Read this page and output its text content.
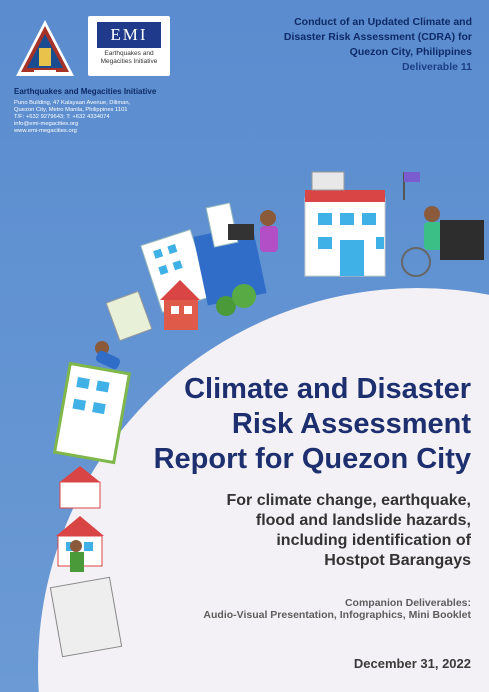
EMI
Earthquakes and
Megacities Initiative
Earthquakes and Megacities Initiative
Puno Building, 47 Kalayaan Avenue, Diliman,
Quezon City, Metro Manila, Philippines 1101
T/F: +632 9279643; T: +632 4334074
info@emi-megacities.org
www.emi-megacities.org
Conduct of an Updated Climate and
Disaster Risk Assessment (CDRA) for
Quezon City, Philippines
Deliverable 11
Climate and Disaster
Risk Assessment
Report for Quezon City
For climate change, earthquake,
flood and landslide hazards,
including identification of
Hostpot Barangays
Companion Deliverables:
Audio-Visual Presentation, Infographics, Mini Booklet
December 31, 2022
